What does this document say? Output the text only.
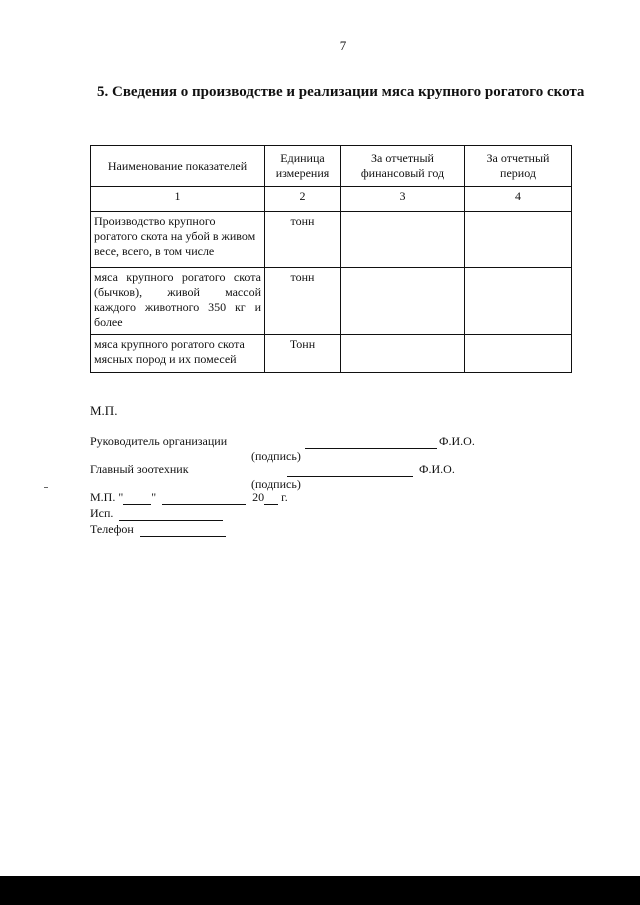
7
5. Сведения о производстве и реализации мяса крупного рогатого скота
Наименование показателей	Единица измерения	За отчетный финансовый год	За отчетный период
1	2	3	4
Производство крупного рогатого скота на убой в живом весе, всего, в том числе	тонн		
мяса крупного рогатого скота (бычков), живой массой каждого животного 350 кг и более	тонн		
мяса крупного рогатого скота мясных пород и их помесей	Тонн		
М.П.
Руководитель организации	Ф.И.О.
(подпись)
Главный зоотехник	Ф.И.О.
(подпись)
М.П. " "	20 г.
Исп.
Телефон
